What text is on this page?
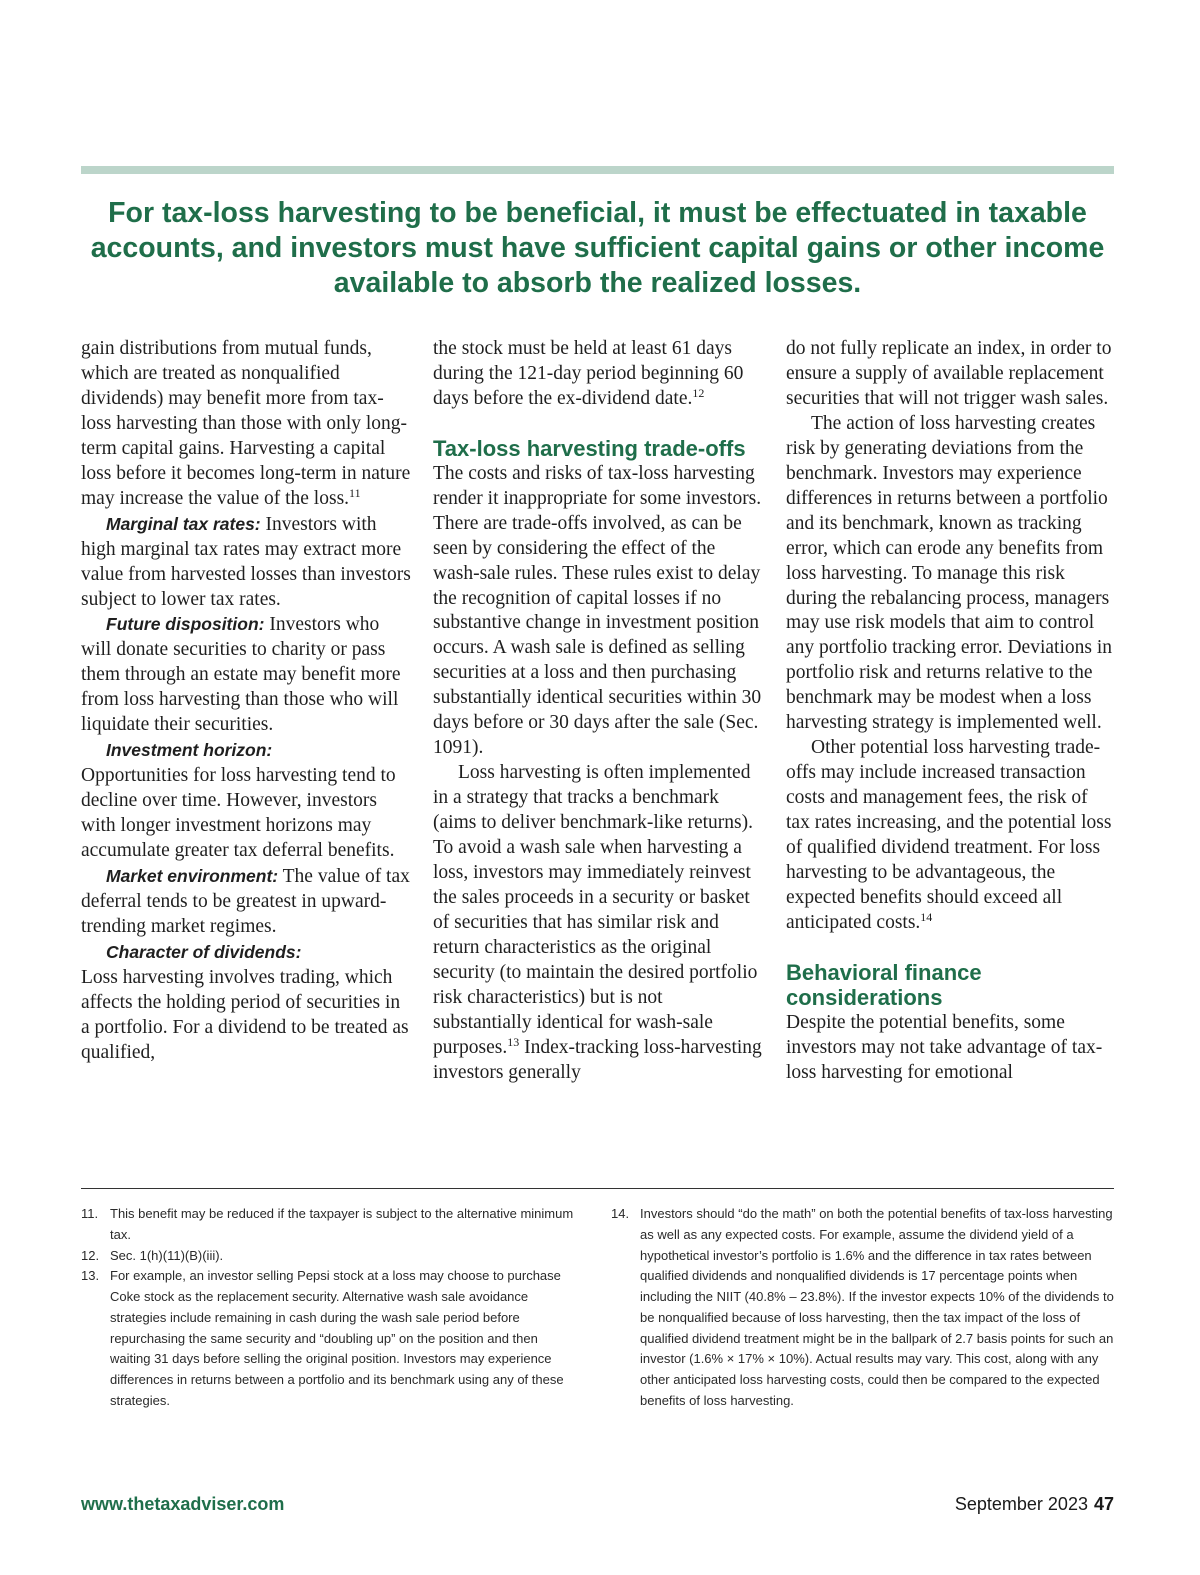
For tax-loss harvesting to be beneficial, it must be effectuated in taxable accounts, and investors must have sufficient capital gains or other income available to absorb the realized losses.

gain distributions from mutual funds, which are treated as nonqualified dividends) may benefit more from tax-loss harvesting than those with only long-term capital gains. Harvesting a capital loss before it becomes long-term in nature may increase the value of the loss.$^{11}$

Marginal tax rates: Investors with high marginal tax rates may extract more value from harvested losses than investors subject to lower tax rates.

Future disposition: Investors who will donate securities to charity or pass them through an estate may benefit more from loss harvesting than those who will liquidate their securities.

Investment horizon:

Opportunities for loss harvesting tend to decline over time. However, investors with longer investment horizons may accumulate greater tax deferral benefits.

Market environment: The value of tax deferral tends to be greatest in upward-trending market regimes.

Character of dividends:

Loss harvesting involves trading, which affects the holding period of securities in a portfolio. For a dividend to be treated as qualified,

the stock must be held at least 61 days during the 121-day period beginning 60 days before the ex-dividend date.$^{12}$

Tax-loss harvesting trade-offs

The costs and risks of tax-loss harvesting render it inappropriate for some investors. There are trade-offs involved, as can be seen by considering the effect of the wash-sale rules. These rules exist to delay the recognition of capital losses if no substantive change in investment position occurs. A wash sale is defined as selling securities at a loss and then purchasing substantially identical securities within 30 days before or 30 days after the sale (Sec. 1091).

Loss harvesting is often implemented in a strategy that tracks a benchmark (aims to deliver benchmark-like returns). To avoid a wash sale when harvesting a loss, investors may immediately reinvest the sales proceeds in a security or basket of securities that has similar risk and return characteristics as the original security (to maintain the desired portfolio risk characteristics) but is not substantially identical for wash-sale purposes.$^{13}$ Index-tracking loss-harvesting investors generally

do not fully replicate an index, in order to ensure a supply of available replacement securities that will not trigger wash sales.

The action of loss harvesting creates risk by generating deviations from the benchmark. Investors may experience differences in returns between a portfolio and its benchmark, known as tracking error, which can erode any benefits from loss harvesting. To manage this risk during the rebalancing process, managers may use risk models that aim to control any portfolio tracking error. Deviations in portfolio risk and returns relative to the benchmark may be modest when a loss harvesting strategy is implemented well.

Other potential loss harvesting trade-offs may include increased transaction costs and management fees, the risk of tax rates increasing, and the potential loss of qualified dividend treatment. For loss harvesting to be advantageous, the expected benefits should exceed all anticipated costs.$^{14}$

Behavioral finance considerations

Despite the potential benefits, some investors may not take advantage of tax-loss harvesting for emotional

11. This benefit may be reduced if the taxpayer is subject to the alternative minimum tax.
12. Sec. 1(h)(11)(B)(iii).
13. For example, an investor selling Pepsi stock at a loss may choose to purchase Coke stock as the replacement security. Alternative wash sale avoidance strategies include remaining in cash during the wash sale period before repurchasing the same security and “doubling up” on the position and then waiting 31 days before selling the original position. Investors may experience differences in returns between a portfolio and its benchmark using any of these strategies.
14. Investors should “do the math” on both the potential benefits of tax-loss harvesting as well as any expected costs. For example, assume the dividend yield of a hypothetical investor’s portfolio is 1.6% and the difference in tax rates between qualified dividends and nonqualified dividends is 17 percentage points when including the NIIT (40.8% – 23.8%). If the investor expects 10% of the dividends to be nonqualified because of loss harvesting, then the tax impact of the loss of qualified dividend treatment might be in the ballpark of 2.7 basis points for such an investor (1.6% × 17% × 10%). Actual results may vary. This cost, along with any other anticipated loss harvesting costs, could then be compared to the expected benefits of loss harvesting.
www.thetaxadviser.com	September 2023 47
